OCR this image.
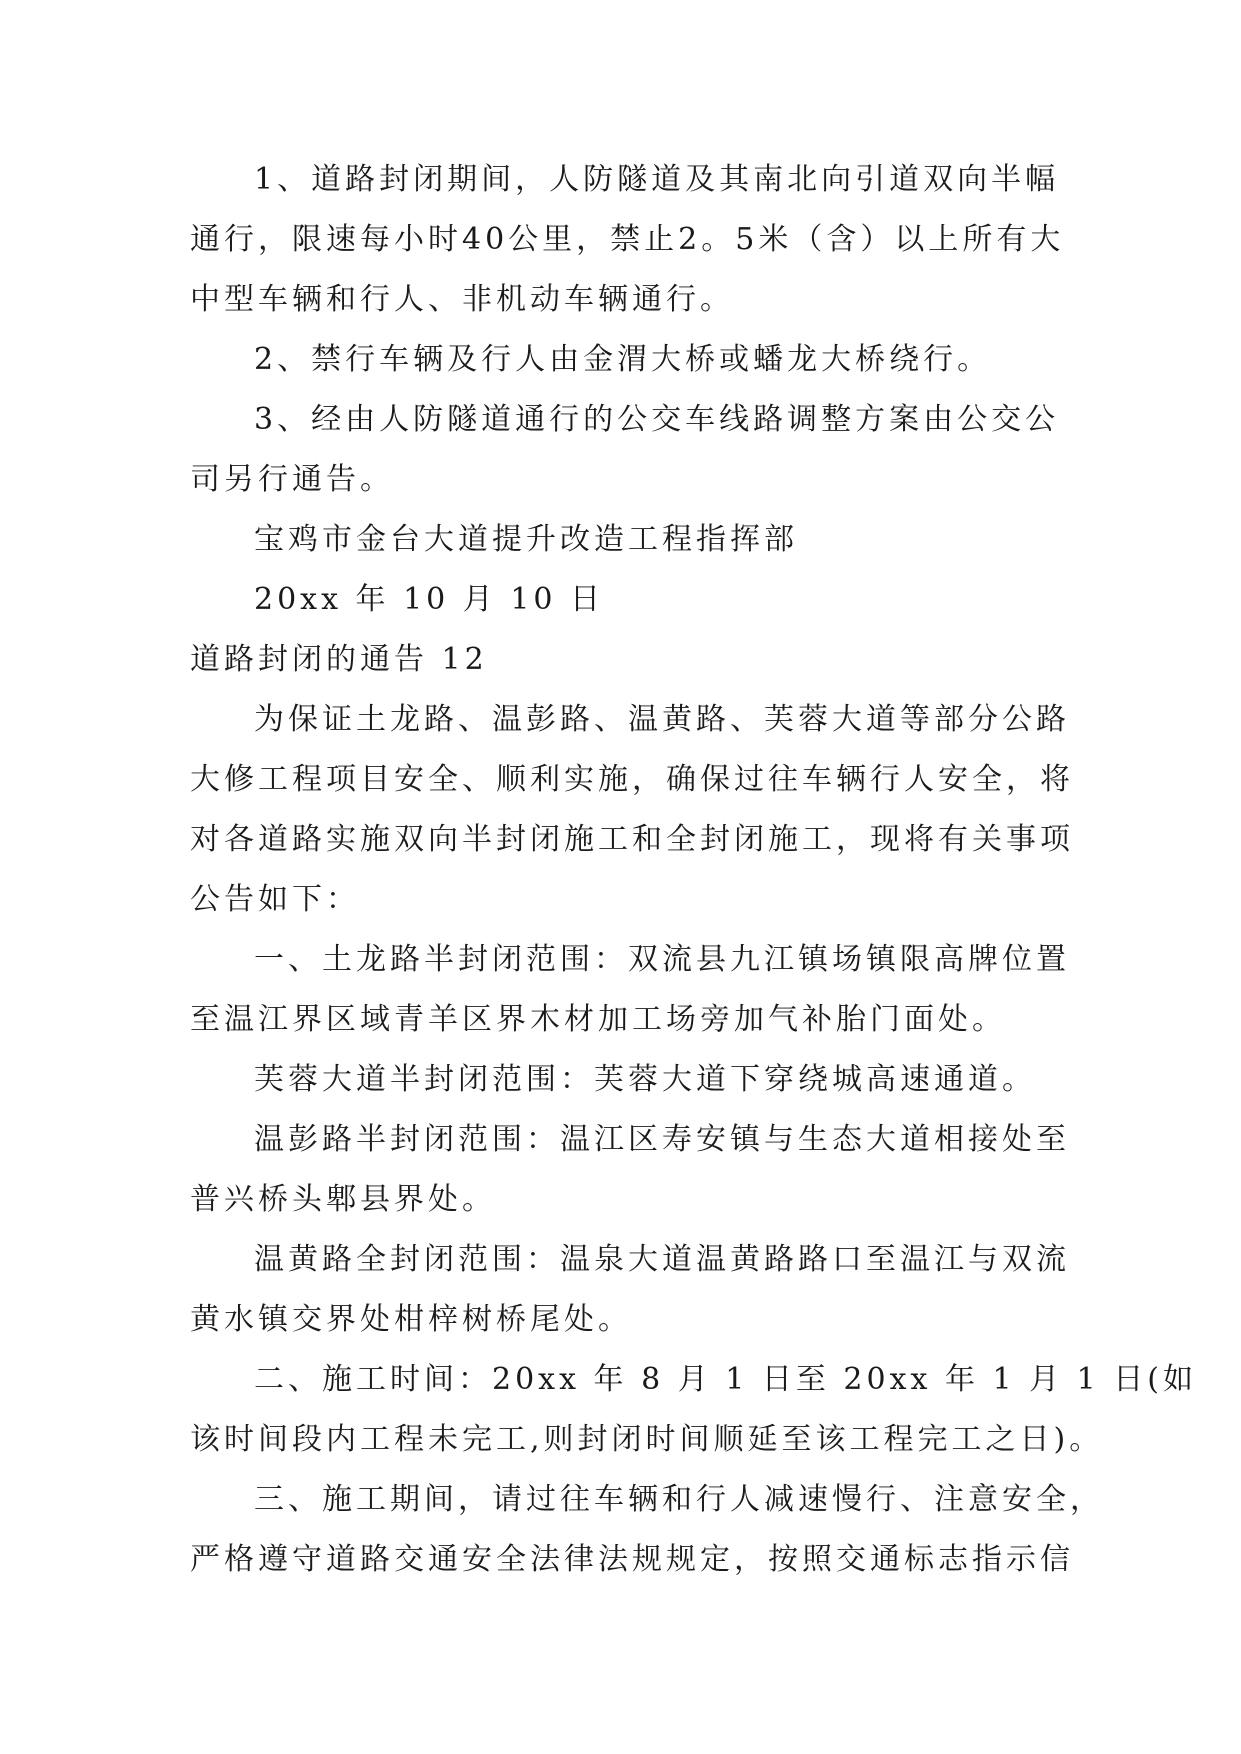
1、道路封闭期间，人防隧道及其南北向引道双向半幅
通行，限速每小时40公里，禁止2。5米（含）以上所有大
中型车辆和行人、非机动车辆通行。
2、禁行车辆及行人由金渭大桥或蟠龙大桥绕行。
3、经由人防隧道通行的公交车线路调整方案由公交公
司另行通告。
宝鸡市金台大道提升改造工程指挥部
20xx 年 10 月 10 日
道路封闭的通告 12
为保证土龙路、温彭路、温黄路、芙蓉大道等部分公路
大修工程项目安全、顺利实施，确保过往车辆行人安全，将
对各道路实施双向半封闭施工和全封闭施工，现将有关事项
公告如下：
一、土龙路半封闭范围：双流县九江镇场镇限高牌位置
至温江界区域青羊区界木材加工场旁加气补胎门面处。
芙蓉大道半封闭范围：芙蓉大道下穿绕城高速通道。
温彭路半封闭范围：温江区寿安镇与生态大道相接处至
普兴桥头郫县界处。
温黄路全封闭范围：温泉大道温黄路路口至温江与双流
黄水镇交界处柑梓树桥尾处。
二、施工时间：20xx 年 8 月 1 日至 20xx 年 1 月 1 日(如
该时间段内工程未完工,则封闭时间顺延至该工程完工之日)。
三、施工期间，请过往车辆和行人减速慢行、注意安全，
严格遵守道路交通安全法律法规规定，按照交通标志指示信
